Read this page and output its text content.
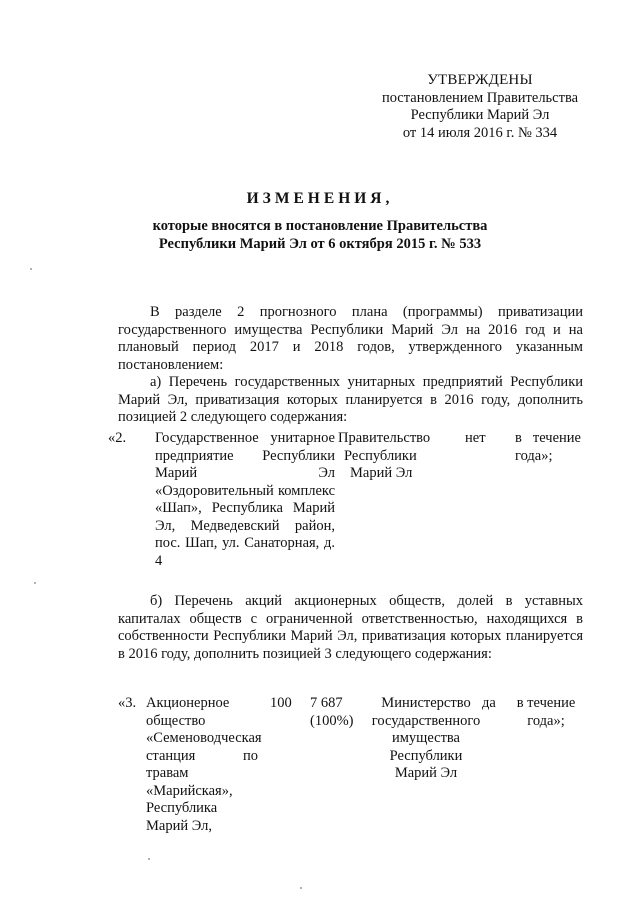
УТВЕРЖДЕНЫ
постановлением Правительства
Республики Марий Эл
от 14 июля 2016 г. № 334
ИЗМЕНЕНИЯ,
которые вносятся в постановление Правительства
Республики Марий Эл от 6 октября 2015 г. № 533
В разделе 2 прогнозного плана (программы) приватизации государственного имущества Республики Марий Эл на 2016 год и на плановый период 2017 и 2018 годов, утвержденного указанным постановлением:
а) Перечень государственных унитарных предприятий Республики Марий Эл, приватизация которых планируется в 2016 году, дополнить позицией 2 следующего содержания:
«2. Государственное унитарное предприятие Республики Марий Эл «Оздоровительный комплекс «Шап», Республика Марий Эл, Медведевский район, пос. Шап, ул. Санаторная, д. 4
Правительство
Республики
Марий Эл
нет в течение года»;
б) Перечень акций акционерных обществ, долей в уставных капиталах обществ с ограниченной ответственностью, находящихся в собственности Республики Марий Эл, приватизация которых планируется в 2016 году, дополнить позицией 3 следующего содержания:
«3. Акционерное общество «Семеноводческая станция по травам «Марийская», Республика Марий Эл,
100 7 687
(100%)
Министерство государственного имущества Республики Марий Эл
да	в течение года»;
